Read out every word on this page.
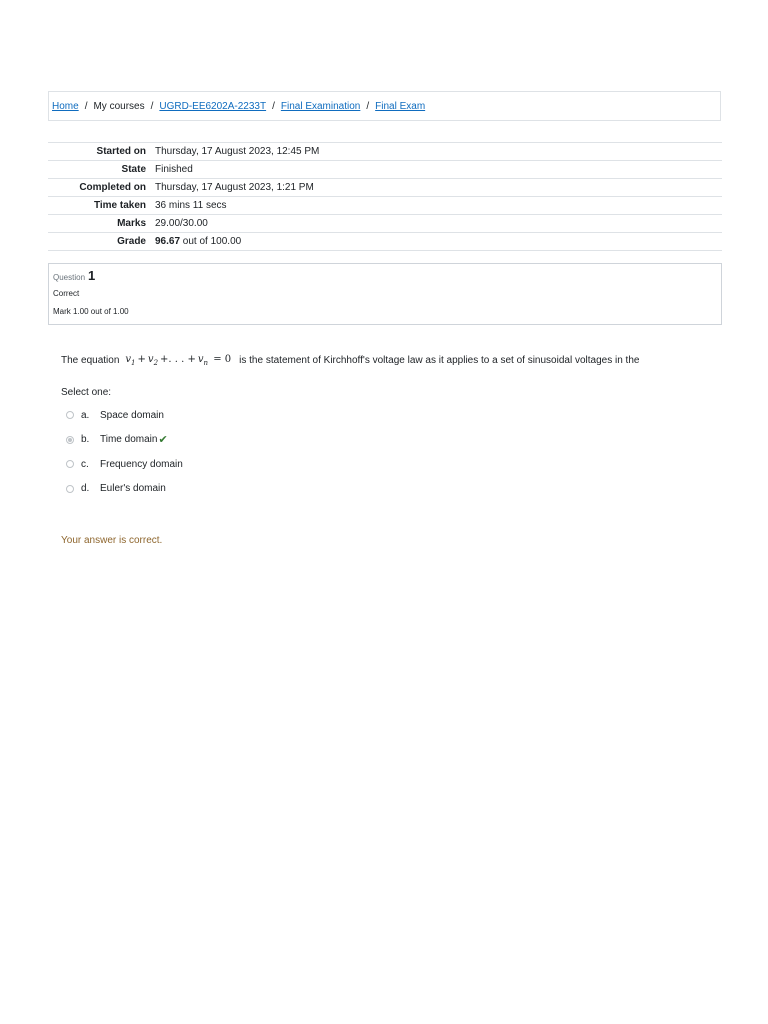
Home / My courses / UGRD-EE6202A-2233T / Final Examination / Final Exam
Started on	Thursday, 17 August 2023, 12:45 PM
State	Finished
Completed on	Thursday, 17 August 2023, 1:21 PM
Time taken	36 mins 11 secs
Marks	29.00/30.00
Grade	96.67 out of 100.00
Question 1
Correct
Mark 1.00 out of 1.00
The equation $v_1 + v_2$ +. . . + $v_n = 0$ is the statement of Kirchhoff's voltage law as it applies to a set of sinusoidal voltages in the
Select one:
a.	Space domain
b.	Time domain ✔
c.	Frequency domain
d.	Euler's domain
Your answer is correct.
